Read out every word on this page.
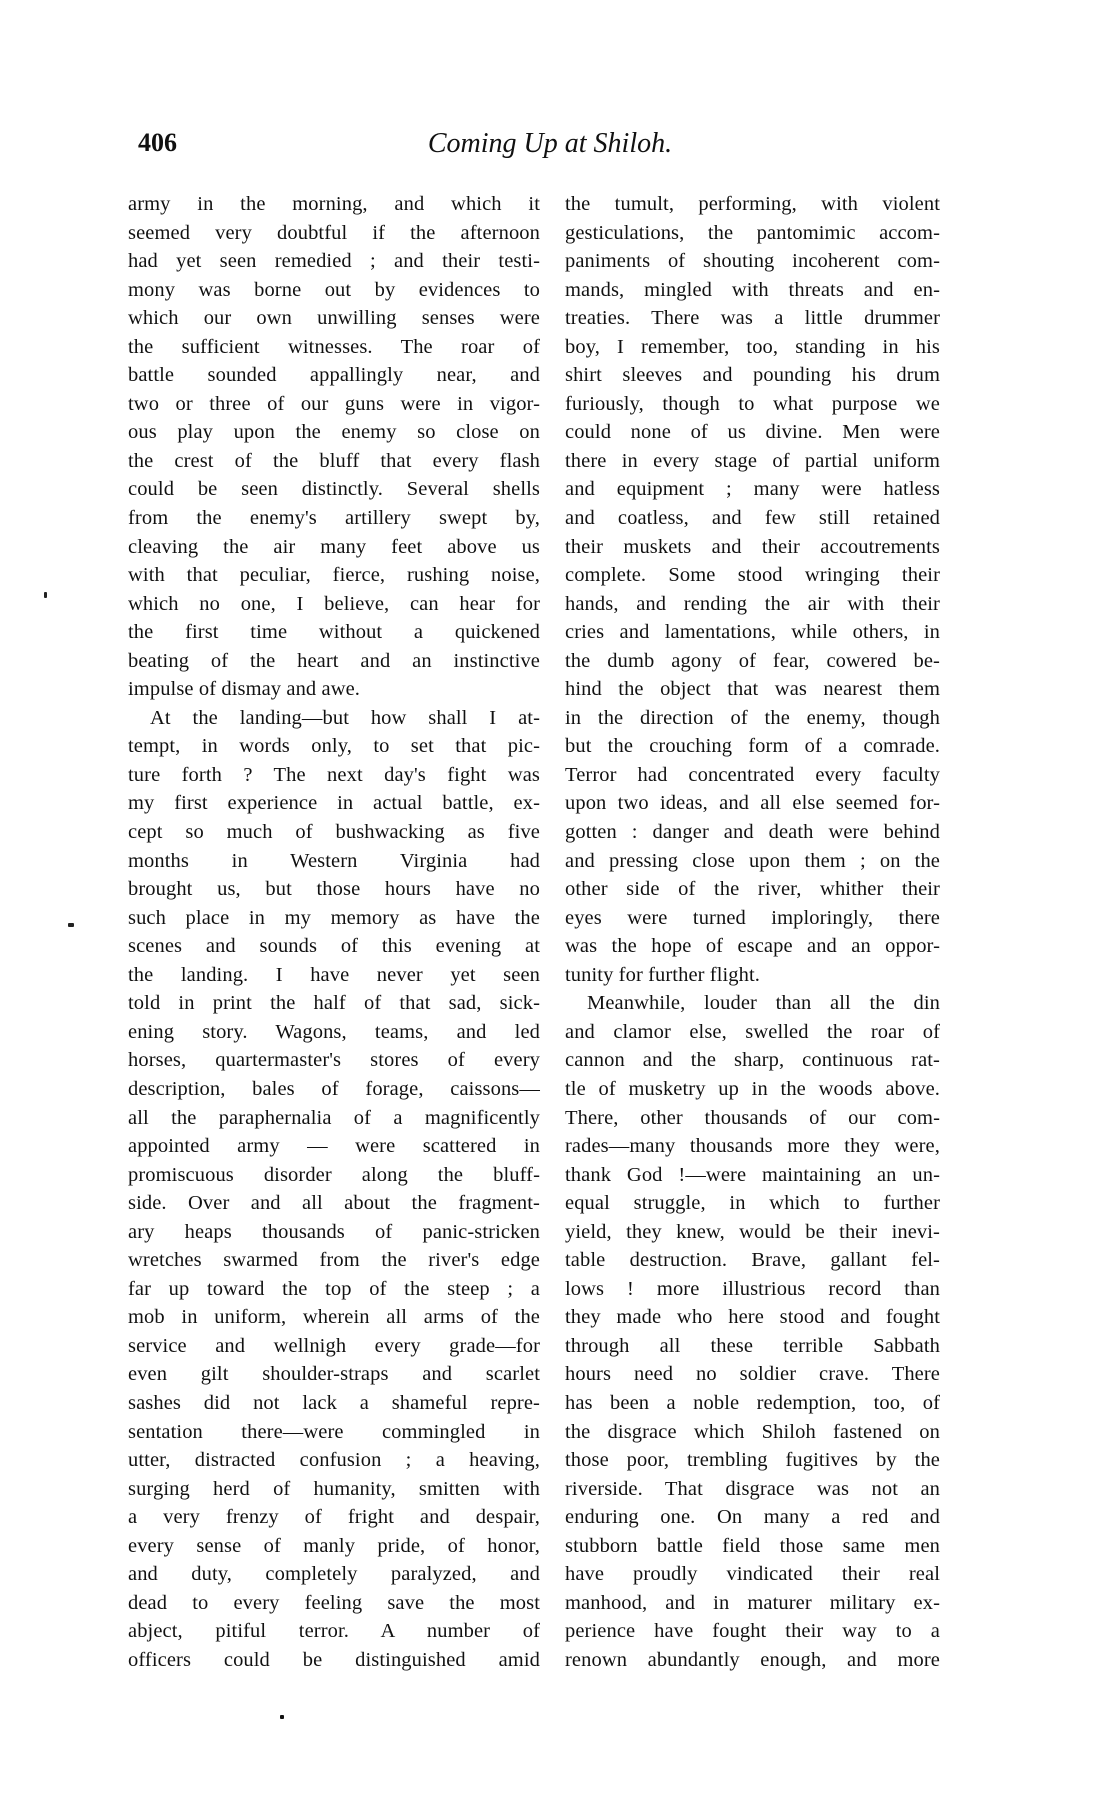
406	Coming Up at Shiloh.
army in the morning, and which it
seemed very doubtful if the afternoon
had yet seen remedied ; and their testi-
mony was borne out by evidences to
which our own unwilling senses were
the sufficient witnesses. The roar of
battle sounded appallingly near, and
two or three of our guns were in vigor-
ous play upon the enemy so close on
the crest of the bluff that every flash
could be seen distinctly. Several shells
from the enemy's artillery swept by,
cleaving the air many feet above us
with that peculiar, fierce, rushing noise,
which no one, I believe, can hear for
the first time without a quickened
beating of the heart and an instinctive
impulse of dismay and awe.
At the landing—but how shall I at-
tempt, in words only, to set that pic-
ture forth ? The next day's fight was
my first experience in actual battle, ex-
cept so much of bushwacking as five
months in Western Virginia had
brought us, but those hours have no
such place in my memory as have the
scenes and sounds of this evening at
the landing. I have never yet seen
told in print the half of that sad, sick-
ening story. Wagons, teams, and led
horses, quartermaster's stores of every
description, bales of forage, caissons—
all the paraphernalia of a magnificently
appointed army — were scattered in
promiscuous disorder along the bluff-
side. Over and all about the fragment-
ary heaps thousands of panic-stricken
wretches swarmed from the river's edge
far up toward the top of the steep ; a
mob in uniform, wherein all arms of the
service and wellnigh every grade—for
even gilt shoulder-straps and scarlet
sashes did not lack a shameful repre-
sentation there—were commingled in
utter, distracted confusion ; a heaving,
surging herd of humanity, smitten with
a very frenzy of fright and despair,
every sense of manly pride, of honor,
and duty, completely paralyzed, and
dead to every feeling save the most
abject, pitiful terror. A number of
officers could be distinguished amid
the tumult, performing, with violent
gesticulations, the pantomimic accom-
paniments of shouting incoherent com-
mands, mingled with threats and en-
treaties. There was a little drummer
boy, I remember, too, standing in his
shirt sleeves and pounding his drum
furiously, though to what purpose we
could none of us divine. Men were
there in every stage of partial uniform
and equipment ; many were hatless
and coatless, and few still retained
their muskets and their accoutrements
complete. Some stood wringing their
hands, and rending the air with their
cries and lamentations, while others, in
the dumb agony of fear, cowered be-
hind the object that was nearest them
in the direction of the enemy, though
but the crouching form of a comrade.
Terror had concentrated every faculty
upon two ideas, and all else seemed for-
gotten : danger and death were behind
and pressing close upon them ; on the
other side of the river, whither their
eyes were turned imploringly, there
was the hope of escape and an oppor-
tunity for further flight.
Meanwhile, louder than all the din
and clamor else, swelled the roar of
cannon and the sharp, continuous rat-
tle of musketry up in the woods above.
There, other thousands of our com-
rades—many thousands more they were,
thank God !—were maintaining an un-
equal struggle, in which to further
yield, they knew, would be their inevi-
table destruction. Brave, gallant fel-
lows ! more illustrious record than
they made who here stood and fought
through all these terrible Sabbath
hours need no soldier crave. There
has been a noble redemption, too, of
the disgrace which Shiloh fastened on
those poor, trembling fugitives by the
riverside. That disgrace was not an
enduring one. On many a red and
stubborn battle field those same men
have proudly vindicated their real
manhood, and in maturer military ex-
perience have fought their way to a
renown abundantly enough, and more
